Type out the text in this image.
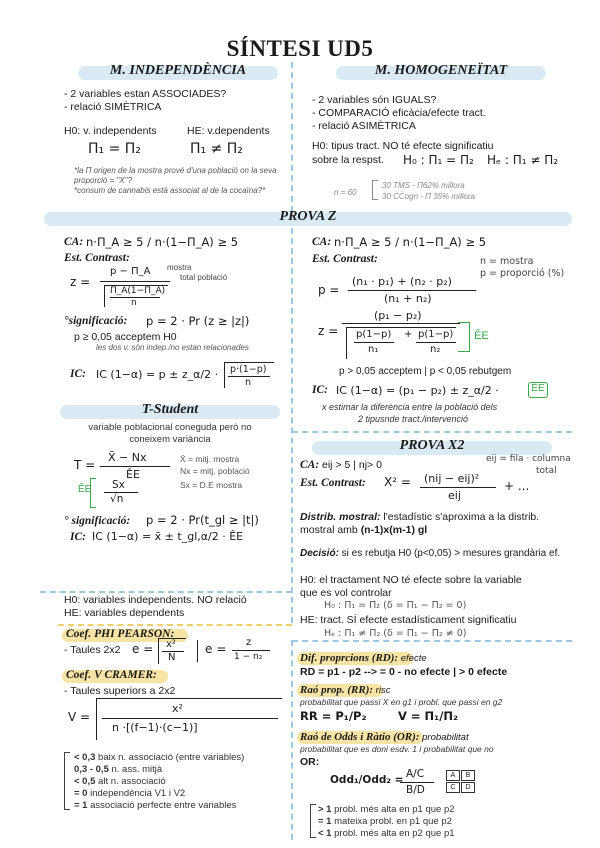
SÍNTESI UD5
M. INDEPENDÈNCIA
- 2 variables estan ASSOCIADES?
- relació SIMÈTRICA
H0: v. independents	HE: v.dependents
Π₁ = Π₂	Π₁ ≠ Π₂
*la Π origen de la mostra prové d'una població on la seva proporció = "X"?
*consum de cannabis està associat al de la cocaïna?*
M. HOMOGENEÏTAT
- 2 variables són IGUALS?
- COMPARACIÓ eficàcia/efecte tract.
- relació ASIMÈTRICA
H0: tipus tract. NO té efecte significatiu
sobre la respst. H₀ : Π₁ = Π₂ Hₑ : Π₁ ≠ Π₂
n = 60
30 TMS - Π62% millora
30 CCogn - Π 35% millora
PROVA Z
CA: n·Π_A ≥ 5 / n·(1−Π_A) ≥ 5
Est. Contrast:
z =
p − Π_A
Π_A(1−Π_A)
n
mostra
total població
°significació: p = 2 · Pr (z ≥ |z|)
p ≥ 0,05 acceptem H0
les dos v. són indep./no estan relacionades
IC: IC (1−α) = p ± z_α/2 · p·(1−p)
n
CA: n·Π_A ≥ 5 / n·(1−Π_A) ≥ 5
Est. Contrast:	n = mostra
p = proporció (%)
p =
(n₁ · p₁) + (n₂ · p₂)
(n₁ + n₂)
z =
(p₁ − p₂)
p(1−p) + p(1−p)
n₁	n₂
ÊE
p > 0,05 acceptem | p < 0,05 rebutgem
IC: IC (1−α) = (p₁ − p₂) ± z_α/2 ·	ÊE
x estimar la diferència entre la població dels
2 tipusnde tract./intervenció
T-Student
variable poblacional coneguda però no
coneixem variància
T =
X̄ − Nx
ÊE
ÊE Sx
√n
X̄ = mitj. mostra
Nx = mitj. població
Sx = D.E mostra
° significació: p = 2 · Pr(t_gl ≥ |t|)
IC: IC (1−α) = x̄ ± t_gl,α/2 · ÊE
H0: variables independents. NO relació
HE: variables dependents
Coef. PHI PEARSON:
- Taules 2x2 e = x²
N
e = z
1 − n₂
Coef. V CRAMER:
- Taules superiors a 2x2
V =
x²
n ·[(f−1)·(c−1)]
< 0,3 baix n. associació (entre variables)
0,3 - 0,5 n. ass. mitjà
< 0,5 alt n. associació
= 0 independència V1 i V2
= 1 associació perfecte entre variables
PROVA X2
CA: eij > 5 | nj> 0	eij = fila · columna
total
Est. Contrast: X² = (nij − eij)²
eij
+ ...
Distrib. mostral: l'estadístic s'aproxima a la distrib.
mostral amb (n-1)x(m-1) gl
Decisió: si es rebutja H0 (p<0,05) > mesures grandària ef.
H0: el tractament NO té efecte sobre la variable
que es vol controlar
H₀ : Π₁ = Π₂ (δ = Π₁ − Π₂ = 0)
HE: tract. SÍ efecte estadísticament significatiu
Hₑ : Π₁ ≠ Π₂ (δ = Π₁ − Π₂ ≠ 0)
Dif. proprcions (RD): efecte
RD = p1 - p2 --> = 0 - no efecte | > 0 efecte
Raó prop. (RR): risc
probabilitat que passi X en g1 i probl. que passi en g2
RR = P₁/P₂	V = Π₁/Π₂
Raó de Odds i Ràtio (OR): probabilitat
probabilitat que es doni esdv. 1 i probabilitat que no
OR:
Odd₁/Odd₂ = A/C
B/D
A	B
C	D
> 1 probl. més alta en p1 que p2
= 1 mateixa probl. en p1 que p2
< 1 probl. més alta en p2 que p1
